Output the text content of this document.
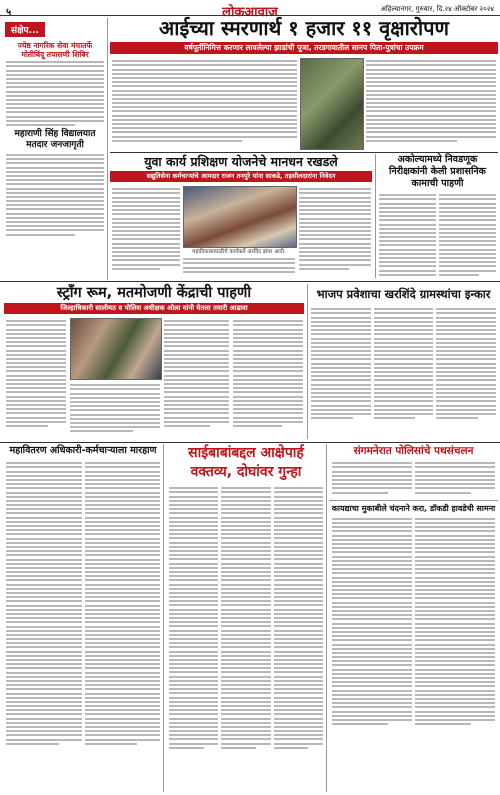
५	लोकआवाज	अहिल्यानगर, गुरुवार, दि.२४ ऑक्टोबर २०२४
संक्षेप...
ज्येष्ठ नागरिक सेवा मंचातर्फे मोतीबिंदू तपासणी शिबिर
महाराणी सिंह विद्यालयात मतदार जनजागृती
आईच्या स्मरणार्थ १ हजार ११ वृक्षारोपण
वर्षपूर्तीनिमित्त करणार लावलेल्या झाडांची पूजा, तरडगावातील सानप पिता-पुत्रांचा उपक्रम
युवा कार्य प्रशिक्षण योजनेचे मानधन रखडले
सद्युतिसेना कर्मचाऱ्यांचे आमदार राजन तनपुरे यांना साकडे, तहसीलदारांना निवेदन
महाविकासाघाडीचे कार्यकर्ते अरविंद झंवर आदी.
अकोल्यामध्ये निवडणूक निरीक्षकांनी केली प्रशासनिक कामाची पाहणी
स्ट्रॉंग रूम, मतमोजणी केंद्राची पाहणी
जिल्हाधिकारी सालीमठ व पोलिस अधीक्षक ओला यांनी घेतला तयारी आढावा
भाजप प्रवेशाचा खरशिंदे ग्रामस्थांचा इन्कार
महावितरण अधिकारी-कर्मचाऱ्याला मारहाण	साईबाबांबद्दल आक्षेपार्ह वक्तव्य, दोघांवर गुन्हा
संगमनेरात पोलिसांचे पथसंचलन
कायद्याचा मुकाबीले चंदनाने करा, डॉकडी हावडेची सामना
